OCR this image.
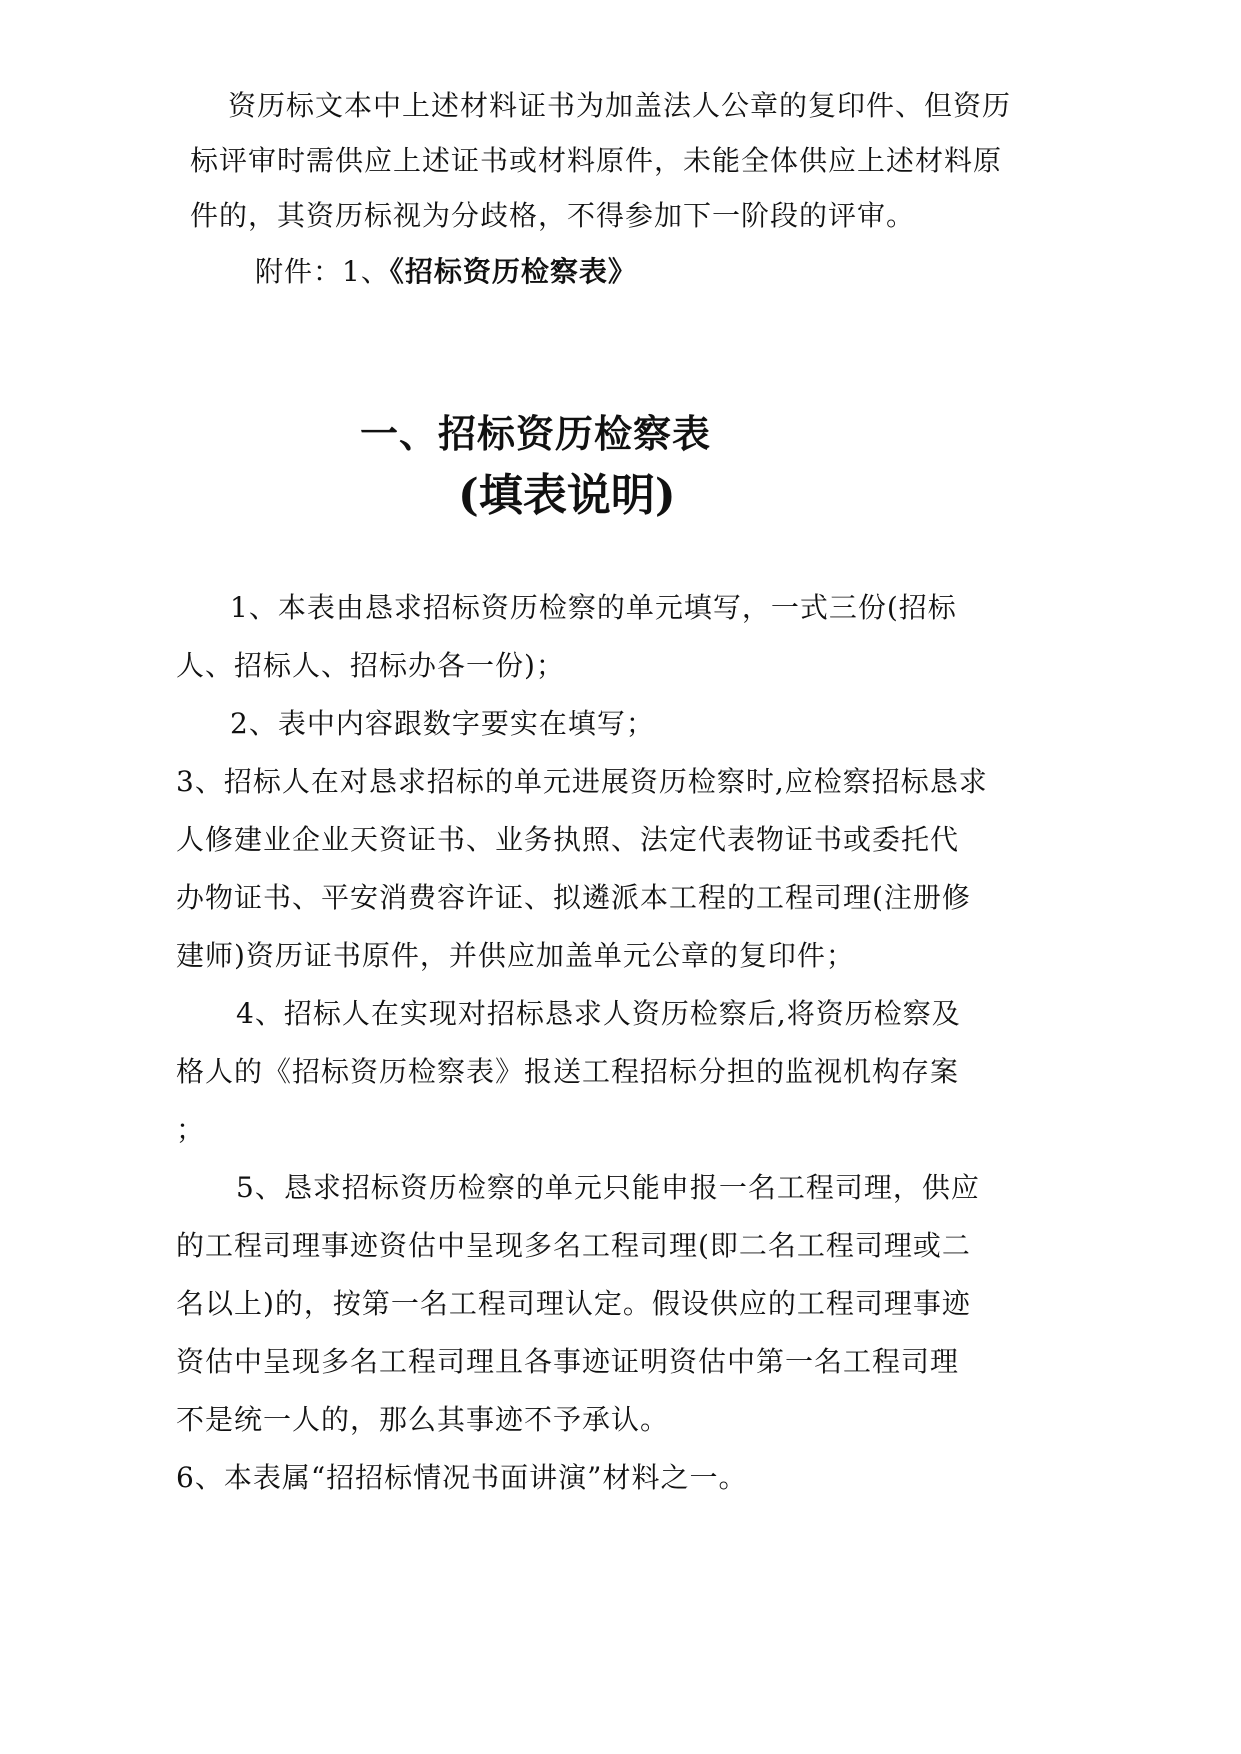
资历标文本中上述材料证书为加盖法人公章的复印件、但资历
标评审时需供应上述证书或材料原件，未能全体供应上述材料原
件的，其资历标视为分歧格，不得参加下一阶段的评审。
附件：1、《招标资历检察表》
一、招标资历检察表
(填表说明)
1、本表由恳求招标资历检察的单元填写，一式三份(招标
人、招标人、招标办各一份)；
2、表中内容跟数字要实在填写；
3、招标人在对恳求招标的单元进展资历检察时,应检察招标恳求
人修建业企业天资证书、业务执照、法定代表物证书或委托代
办物证书、平安消费容许证、拟遴派本工程的工程司理(注册修
建师)资历证书原件，并供应加盖单元公章的复印件；
4、招标人在实现对招标恳求人资历检察后,将资历检察及
格人的《招标资历检察表》报送工程招标分担的监视机构存案
；
5、恳求招标资历检察的单元只能申报一名工程司理，供应
的工程司理事迹资估中呈现多名工程司理(即二名工程司理或二
名以上)的，按第一名工程司理认定。假设供应的工程司理事迹
资估中呈现多名工程司理且各事迹证明资估中第一名工程司理
不是统一人的，那么其事迹不予承认。
6、本表属“招招标情况书面讲演”材料之一。
